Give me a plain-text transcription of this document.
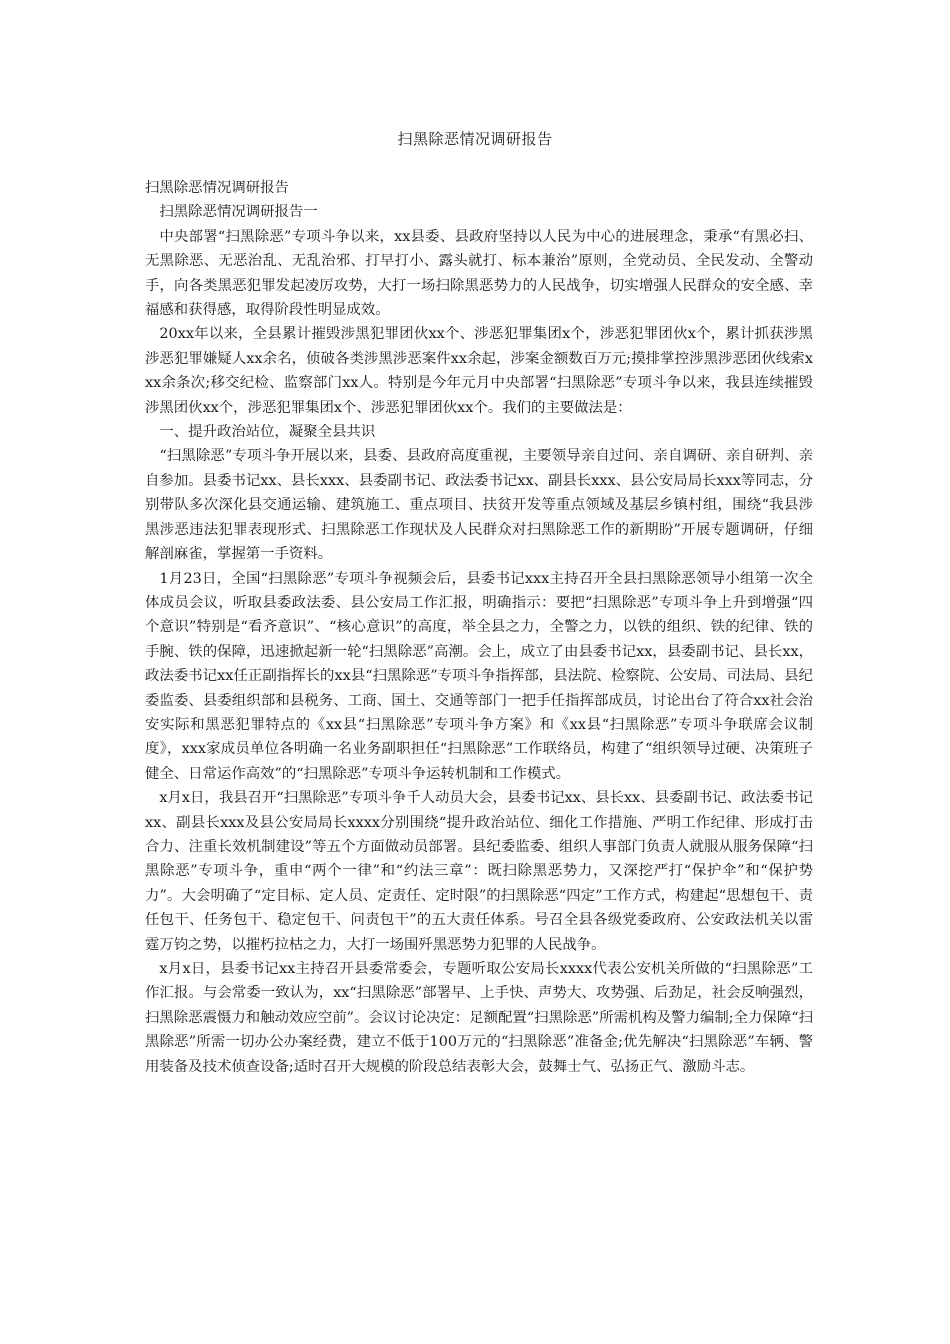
扫黑除恶情况调研报告

扫黑除恶情况调研报告

扫黑除恶情况调研报告一

中央部署“扫黑除恶”专项斗争以来，xx县委、县政府坚持以人民为中心的进展理念，秉承“有黑必扫、无黑除恶、无恶治乱、无乱治邪、打早打小、露头就打、标本兼治”原则，全党动员、全民发动、全警动手，向各类黑恶犯罪发起凌厉攻势，大打一场扫除黑恶势力的人民战争，切实增强人民群众的安全感、幸福感和获得感，取得阶段性明显成效。

20xx年以来，全县累计摧毁涉黑犯罪团伙xx个、涉恶犯罪集团x个，涉恶犯罪团伙x个，累计抓获涉黑涉恶犯罪嫌疑人xx余名，侦破各类涉黑涉恶案件xx余起，涉案金额数百万元;摸排掌控涉黑涉恶团伙线索xxx余条次;移交纪检、监察部门xx人。特别是今年元月中央部署“扫黑除恶”专项斗争以来，我县连续摧毁涉黑团伙xx个，涉恶犯罪集团x个、涉恶犯罪团伙xx个。我们的主要做法是：

一、提升政治站位，凝聚全县共识

“扫黑除恶”专项斗争开展以来，县委、县政府高度重视，主要领导亲自过问、亲自调研、亲自研判、亲自参加。县委书记xx、县长xxx、县委副书记、政法委书记xx、副县长xxx、县公安局局长xxx等同志，分别带队多次深化县交通运输、建筑施工、重点项目、扶贫开发等重点领域及基层乡镇村组，围绕“我县涉黑涉恶违法犯罪表现形式、扫黑除恶工作现状及人民群众对扫黑除恶工作的新期盼”开展专题调研，仔细解剖麻雀，掌握第一手资料。

1月23日，全国“扫黑除恶”专项斗争视频会后，县委书记xxx主持召开全县扫黑除恶领导小组第一次全体成员会议，听取县委政法委、县公安局工作汇报，明确指示：要把“扫黑除恶”专项斗争上升到增强“四个意识”特别是“看齐意识”、“核心意识”的高度，举全县之力，全警之力，以铁的组织、铁的纪律、铁的手腕、铁的保障，迅速掀起新一轮“扫黑除恶”高潮。会上，成立了由县委书记xx，县委副书记、县长xx，政法委书记xx任正副指挥长的xx县“扫黑除恶”专项斗争指挥部，县法院、检察院、公安局、司法局、县纪委监委、县委组织部和县税务、工商、国土、交通等部门一把手任指挥部成员，讨论出台了符合xx社会治安实际和黑恶犯罪特点的《xx县“扫黑除恶”专项斗争方案》和《xx县“扫黑除恶”专项斗争联席会议制度》，xxx家成员单位各明确一名业务副职担任“扫黑除恶”工作联络员，构建了“组织领导过硬、决策班子健全、日常运作高效”的“扫黑除恶”专项斗争运转机制和工作模式。

x月x日，我县召开“扫黑除恶”专项斗争千人动员大会，县委书记xx、县长xx、县委副书记、政法委书记xx、副县长xxx及县公安局局长xxxx分别围绕“提升政治站位、细化工作措施、严明工作纪律、形成打击合力、注重长效机制建设”等五个方面做动员部署。县纪委监委、组织人事部门负责人就服从服务保障“扫黑除恶”专项斗争，重申“两个一律”和“约法三章”：既扫除黑恶势力，又深挖严打“保护伞”和“保护势力”。大会明确了“定目标、定人员、定责任、定时限”的扫黑除恶“四定”工作方式，构建起“思想包干、责任包干、任务包干、稳定包干、问责包干”的五大责任体系。号召全县各级党委政府、公安政法机关以雷霆万钧之势，以摧朽拉枯之力，大打一场围歼黑恶势力犯罪的人民战争。

x月x日，县委书记xx主持召开县委常委会，专题听取公安局长xxxx代表公安机关所做的“扫黑除恶”工作汇报。与会常委一致认为，xx“扫黑除恶”部署早、上手快、声势大、攻势强、后劲足，社会反响强烈，扫黑除恶震慑力和触动效应空前”。会议讨论决定：足额配置“扫黑除恶”所需机构及警力编制;全力保障“扫黑除恶”所需一切办公办案经费，建立不低于100万元的“扫黑除恶”准备金;优先解决“扫黑除恶”车辆、警用装备及技术侦查设备;适时召开大规模的阶段总结表彰大会，鼓舞士气、弘扬正气、激励斗志。
